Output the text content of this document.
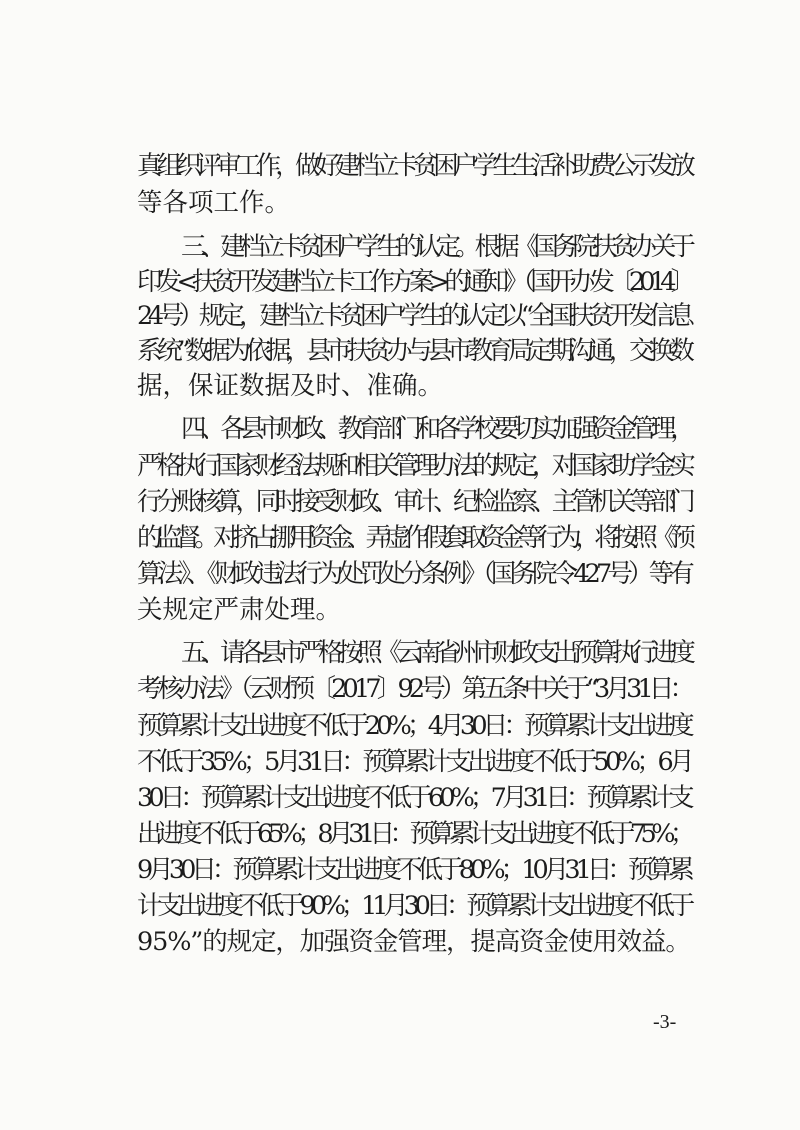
真组织评审工作，做好建档立卡贫困户学生生活补助费公示发放
等各项工作。
三、建档立卡贫困户学生的认定。根据《国务院扶贫办关于
印发<扶贫开发建档立卡工作方案>的通知》（国开办发〔2014〕
24号）规定，建档立卡贫困户学生的认定以“全国扶贫开发信息
系统”数据为依据，县市扶贫办与县市教育局定期沟通，交换数
据，保证数据及时、准确。
四、各县市财政、教育部门和各学校要切实加强资金管理，
严格执行国家财经法规和相关管理办法的规定，对国家助学金实
行分账核算，同时接受财政、审计、纪检监察、主管机关等部门
的监督。对挤占挪用资金、弄虚作假套取资金等行为，将按照《预
算法》、《财政违法行为处罚处分条例》（国务院令427号）等有
关规定严肃处理。
五、请各县市严格按照《云南省州市财政支出预算执行进度
考核办法》（云财预〔2017〕92号）第五条中关于“3月31日：
预算累计支出进度不低于20%；4月30日：预算累计支出进度
不低于35%；5月31日：预算累计支出进度不低于50%；6月
30日：预算累计支出进度不低于60%；7月31日：预算累计支
出进度不低于65%；8月31日：预算累计支出进度不低于75%；
9月30日：预算累计支出进度不低于80%；10月31日：预算累
计支出进度不低于90%；11月30日：预算累计支出进度不低于
95%”的规定，加强资金管理，提高资金使用效益。
-3-
